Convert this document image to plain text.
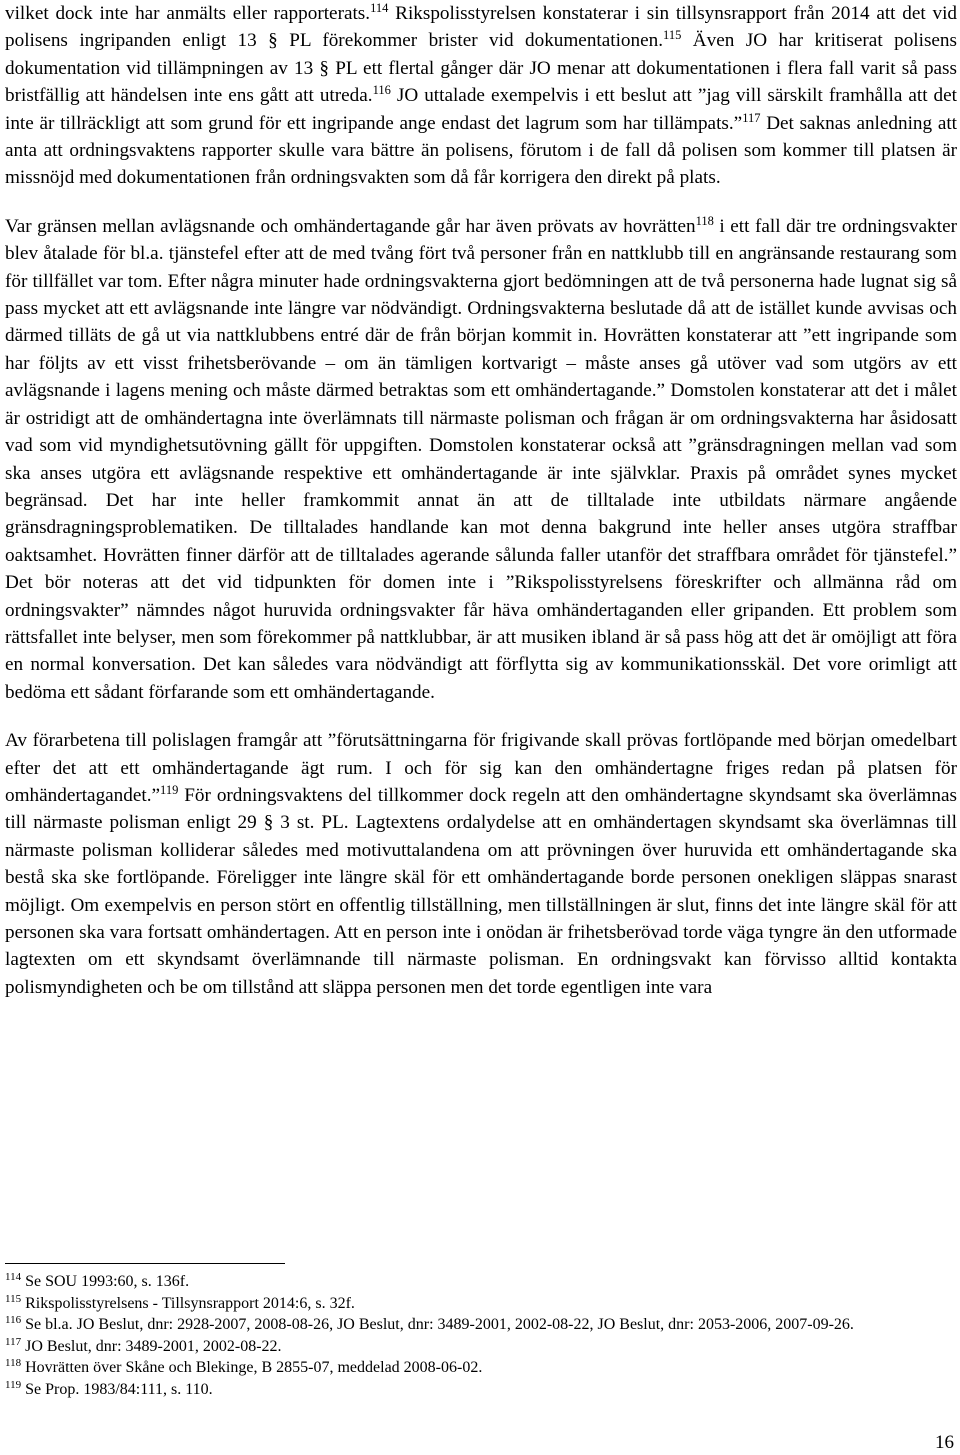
vilket dock inte har anmälts eller rapporterats.$^{114}$ Rikspolisstyrelsen konstaterar i sin tillsynsrapport från 2014 att det vid polisens ingripanden enligt 13 § PL förekommer brister vid dokumentationen.$^{115}$ Även JO har kritiserat polisens dokumentation vid tillämpningen av 13 § PL ett flertal gånger där JO menar att dokumentationen i flera fall varit så pass bristfällig att händelsen inte ens gått att utreda.$^{116}$ JO uttalade exempelvis i ett beslut att ”jag vill särskilt framhålla att det inte är tillräckligt att som grund för ett ingripande ange endast det lagrum som har tillämpats.”$^{117}$ Det saknas anledning att anta att ordningsvaktens rapporter skulle vara bättre än polisens, förutom i de fall då polisen som kommer till platsen är missnöjd med dokumentationen från ordningsvakten som då får korrigera den direkt på plats.

Var gränsen mellan avlägsnande och omhändertagande går har även prövats av hovrätten$^{118}$ i ett fall där tre ordningsvakter blev åtalade för bl.a. tjänstefel efter att de med tvång fört två personer från en nattklubb till en angränsande restaurang som för tillfället var tom. Efter några minuter hade ordningsvakterna gjort bedömningen att de två personerna hade lugnat sig så pass mycket att ett avlägsnande inte längre var nödvändigt. Ordningsvakterna beslutade då att de istället kunde avvisas och därmed tilläts de gå ut via nattklubbens entré där de från början kommit in. Hovrätten konstaterar att ”ett ingripande som har följts av ett visst frihetsberövande – om än tämligen kortvarigt – måste anses gå utöver vad som utgörs av ett avlägsnande i lagens mening och måste därmed betraktas som ett omhändertagande.” Domstolen konstaterar att det i målet är ostridigt att de omhändertagna inte överlämnats till närmaste polisman och frågan är om ordningsvakterna har åsidosatt vad som vid myndighetsutövning gällt för uppgiften. Domstolen konstaterar också att ”gränsdragningen mellan vad som ska anses utgöra ett avlägsnande respektive ett omhändertagande är inte självklar. Praxis på området synes mycket begränsad. Det har inte heller framkommit annat än att de tilltalade inte utbildats närmare angående gränsdragningsproblematiken. De tilltalades handlande kan mot denna bakgrund inte heller anses utgöra straffbar oaktsamhet. Hovrätten finner därför att de tilltalades agerande sålunda faller utanför det straffbara området för tjänstefel.” Det bör noteras att det vid tidpunkten för domen inte i ”Rikspolisstyrelsens föreskrifter och allmänna råd om ordningsvakter” nämndes något huruvida ordningsvakter får häva omhändertaganden eller gripanden. Ett problem som rättsfallet inte belyser, men som förekommer på nattklubbar, är att musiken ibland är så pass hög att det är omöjligt att föra en normal konversation. Det kan således vara nödvändigt att förflytta sig av kommunikationsskäl. Det vore orimligt att bedöma ett sådant förfarande som ett omhändertagande.

Av förarbetena till polislagen framgår att ”förutsättningarna för frigivande skall prövas fortlöpande med början omedelbart efter det att ett omhändertagande ägt rum. I och för sig kan den omhändertagne friges redan på platsen för omhändertagandet.”$^{119}$ För ordningsvaktens del tillkommer dock regeln att den omhändertagne skyndsamt ska överlämnas till närmaste polisman enligt 29 § 3 st. PL. Lagtextens ordalydelse att en omhändertagen skyndsamt ska överlämnas till närmaste polisman kolliderar således med motivuttalandena om att prövningen över huruvida ett omhändertagande ska bestå ska ske fortlöpande. Föreligger inte längre skäl för ett omhändertagande borde personen onekligen släppas snarast möjligt. Om exempelvis en person stört en offentlig tillställning, men tillställningen är slut, finns det inte längre skäl för att personen ska vara fortsatt omhändertagen. Att en person inte i onödan är frihetsberövad torde väga tyngre än den utformade lagtexten om ett skyndsamt överlämnande till närmaste polisman. En ordningsvakt kan förvisso alltid kontakta polismyndigheten och be om tillstånd att släppa personen men det torde egentligen inte vara

$^{114}$ Se SOU 1993:60, s. 136f.

$^{115}$ Rikspolisstyrelsens - Tillsynsrapport 2014:6, s. 32f.

$^{116}$ Se bl.a. JO Beslut, dnr: 2928-2007, 2008-08-26, JO Beslut, dnr: 3489-2001, 2002-08-22, JO Beslut, dnr: 2053-2006, 2007-09-26.

$^{117}$ JO Beslut, dnr: 3489-2001, 2002-08-22.

$^{118}$ Hovrätten över Skåne och Blekinge, B 2855-07, meddelad 2008-06-02.

$^{119}$ Se Prop. 1983/84:111, s. 110.

16
